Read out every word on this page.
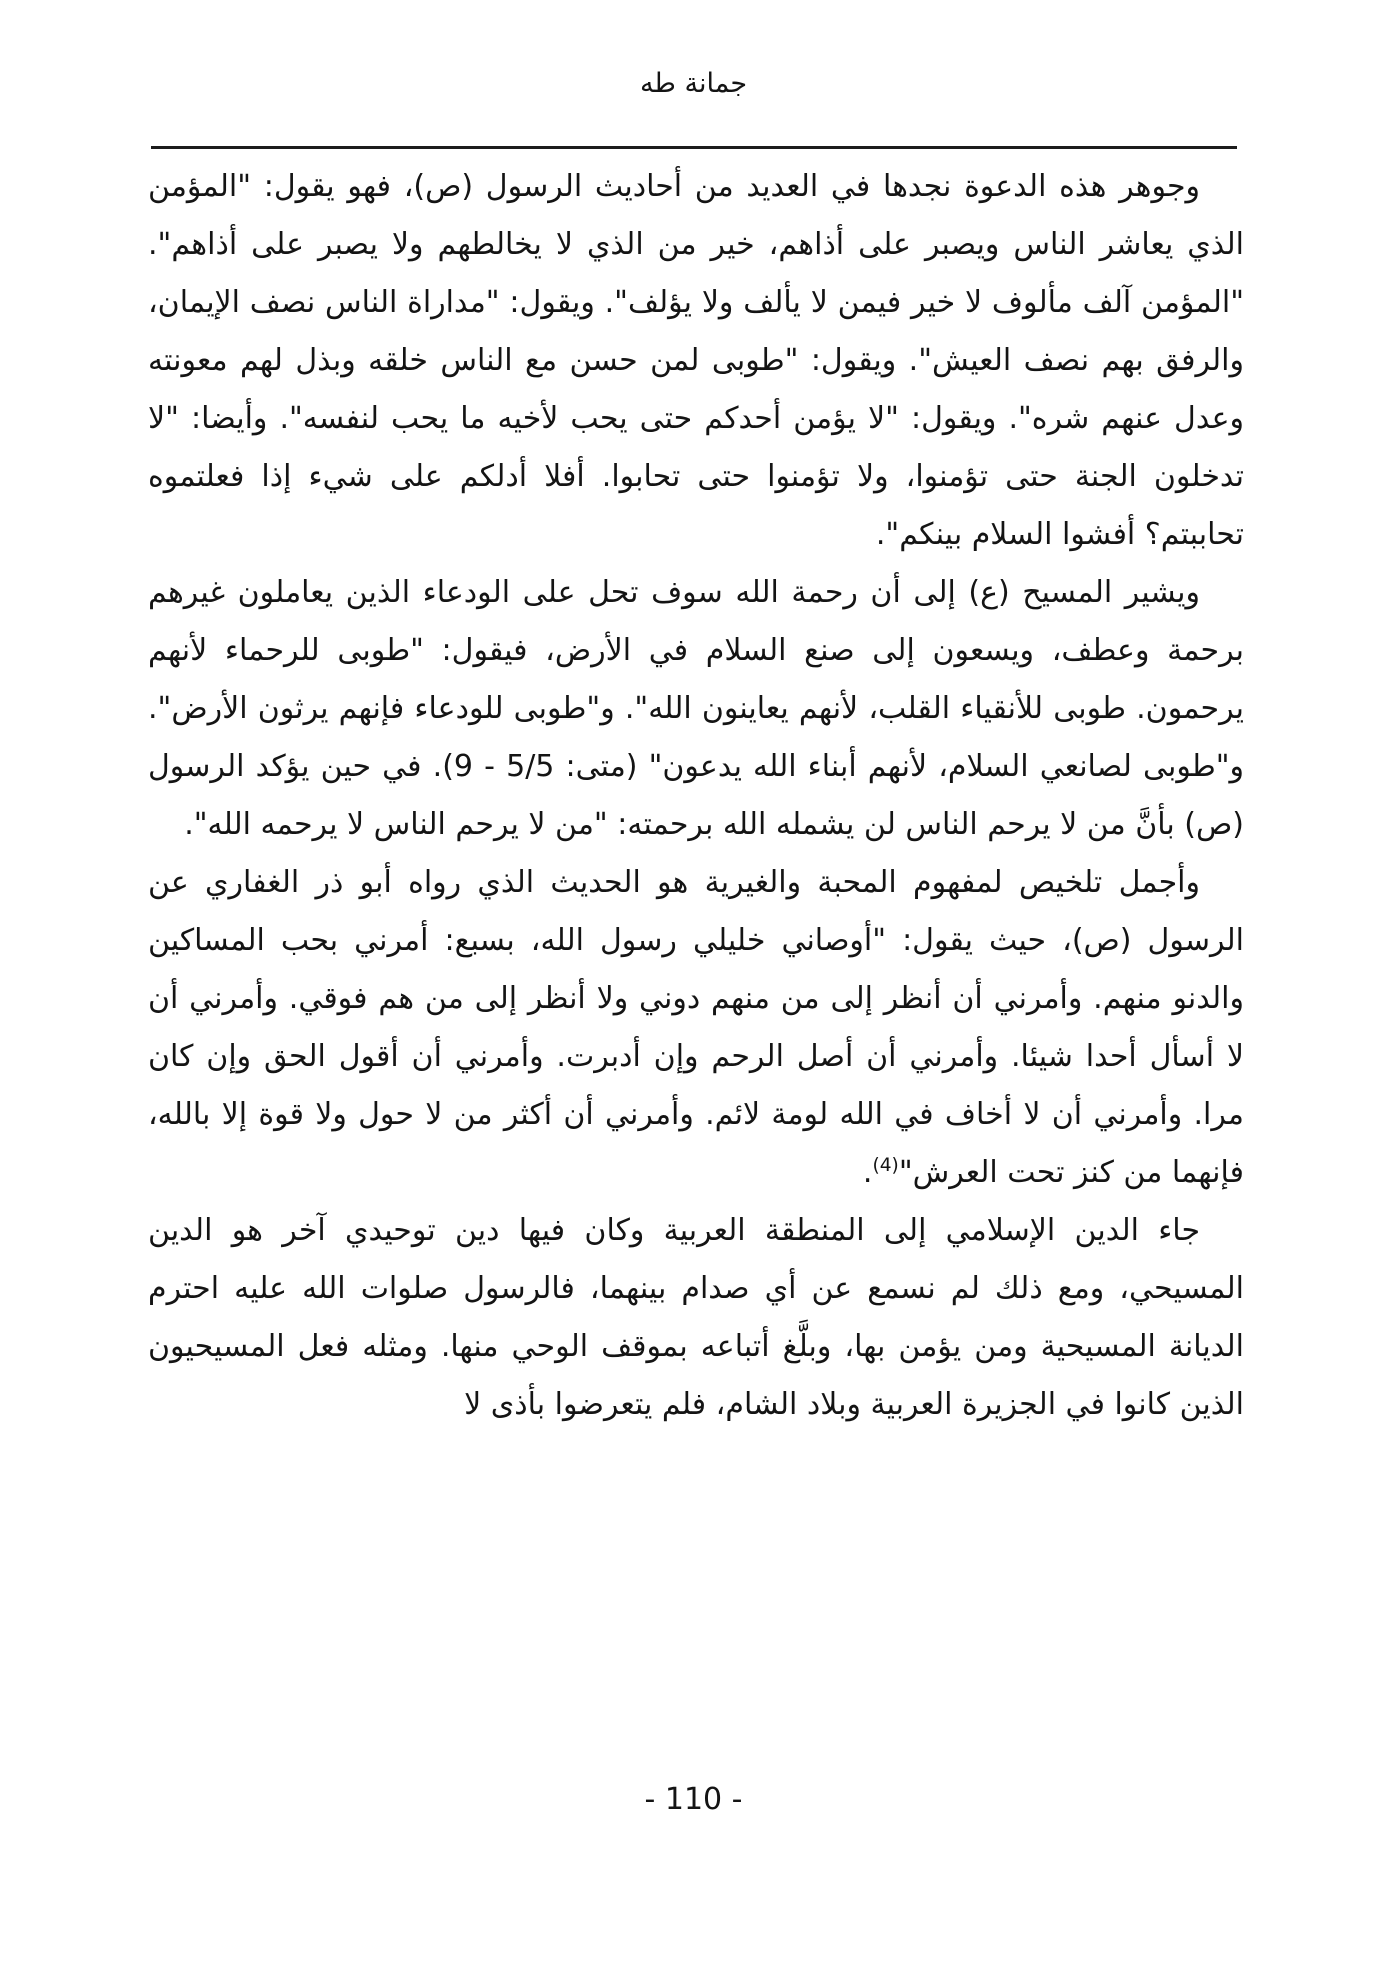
جمانة طه

وجوهر هذه الدعوة نجدها في العديد من أحاديث الرسول (ص)، فهو يقول: "المؤمن الذي يعاشر الناس ويصبر على أذاهم، خير من الذي لا يخالطهم ولا يصبر على أذاهم". "المؤمن آلف مألوف لا خير فيمن لا يألف ولا يؤلف". ويقول: "مداراة الناس نصف الإيمان، والرفق بهم نصف العيش". ويقول: "طوبى لمن حسن مع الناس خلقه وبذل لهم معونته وعدل عنهم شره". ويقول: "لا يؤمن أحدكم حتى يحب لأخيه ما يحب لنفسه". وأيضا: "لا تدخلون الجنة حتى تؤمنوا، ولا تؤمنوا حتى تحابوا. أفلا أدلكم على شيء إذا فعلتموه تحاببتم؟ أفشوا السلام بينكم".

ويشير المسيح (ع) إلى أن رحمة الله سوف تحل على الودعاء الذين يعاملون غيرهم برحمة وعطف، ويسعون إلى صنع السلام في الأرض، فيقول: "طوبى للرحماء لأنهم يرحمون. طوبى للأنقياء القلب، لأنهم يعاينون الله". و"طوبى للودعاء فإنهم يرثون الأرض". و"طوبى لصانعي السلام، لأنهم أبناء الله يدعون" (متى: 5/5 - 9). في حين يؤكد الرسول (ص) بأنَّ من لا يرحم الناس لن يشمله الله برحمته: "من لا يرحم الناس لا يرحمه الله".

وأجمل تلخيص لمفهوم المحبة والغيرية هو الحديث الذي رواه أبو ذر الغفاري عن الرسول (ص)، حيث يقول: "أوصاني خليلي رسول الله، بسبع: أمرني بحب المساكين والدنو منهم. وأمرني أن أنظر إلى من منهم دوني ولا أنظر إلى من هم فوقي. وأمرني أن لا أسأل أحدا شيئا. وأمرني أن أصل الرحم وإن أدبرت. وأمرني أن أقول الحق وإن كان مرا. وأمرني أن لا أخاف في الله لومة لائم. وأمرني أن أكثر من لا حول ولا قوة إلا بالله، فإنهما من كنز تحت العرش"$^{(4)}$.

جاء الدين الإسلامي إلى المنطقة العربية وكان فيها دين توحيدي آخر هو الدين المسيحي، ومع ذلك لم نسمع عن أي صدام بينهما، فالرسول صلوات الله عليه احترم الديانة المسيحية ومن يؤمن بها، وبلَّغ أتباعه بموقف الوحي منها. ومثله فعل المسيحيون الذين كانوا في الجزيرة العربية وبلاد الشام، فلم يتعرضوا بأذى لا

- 110 -
